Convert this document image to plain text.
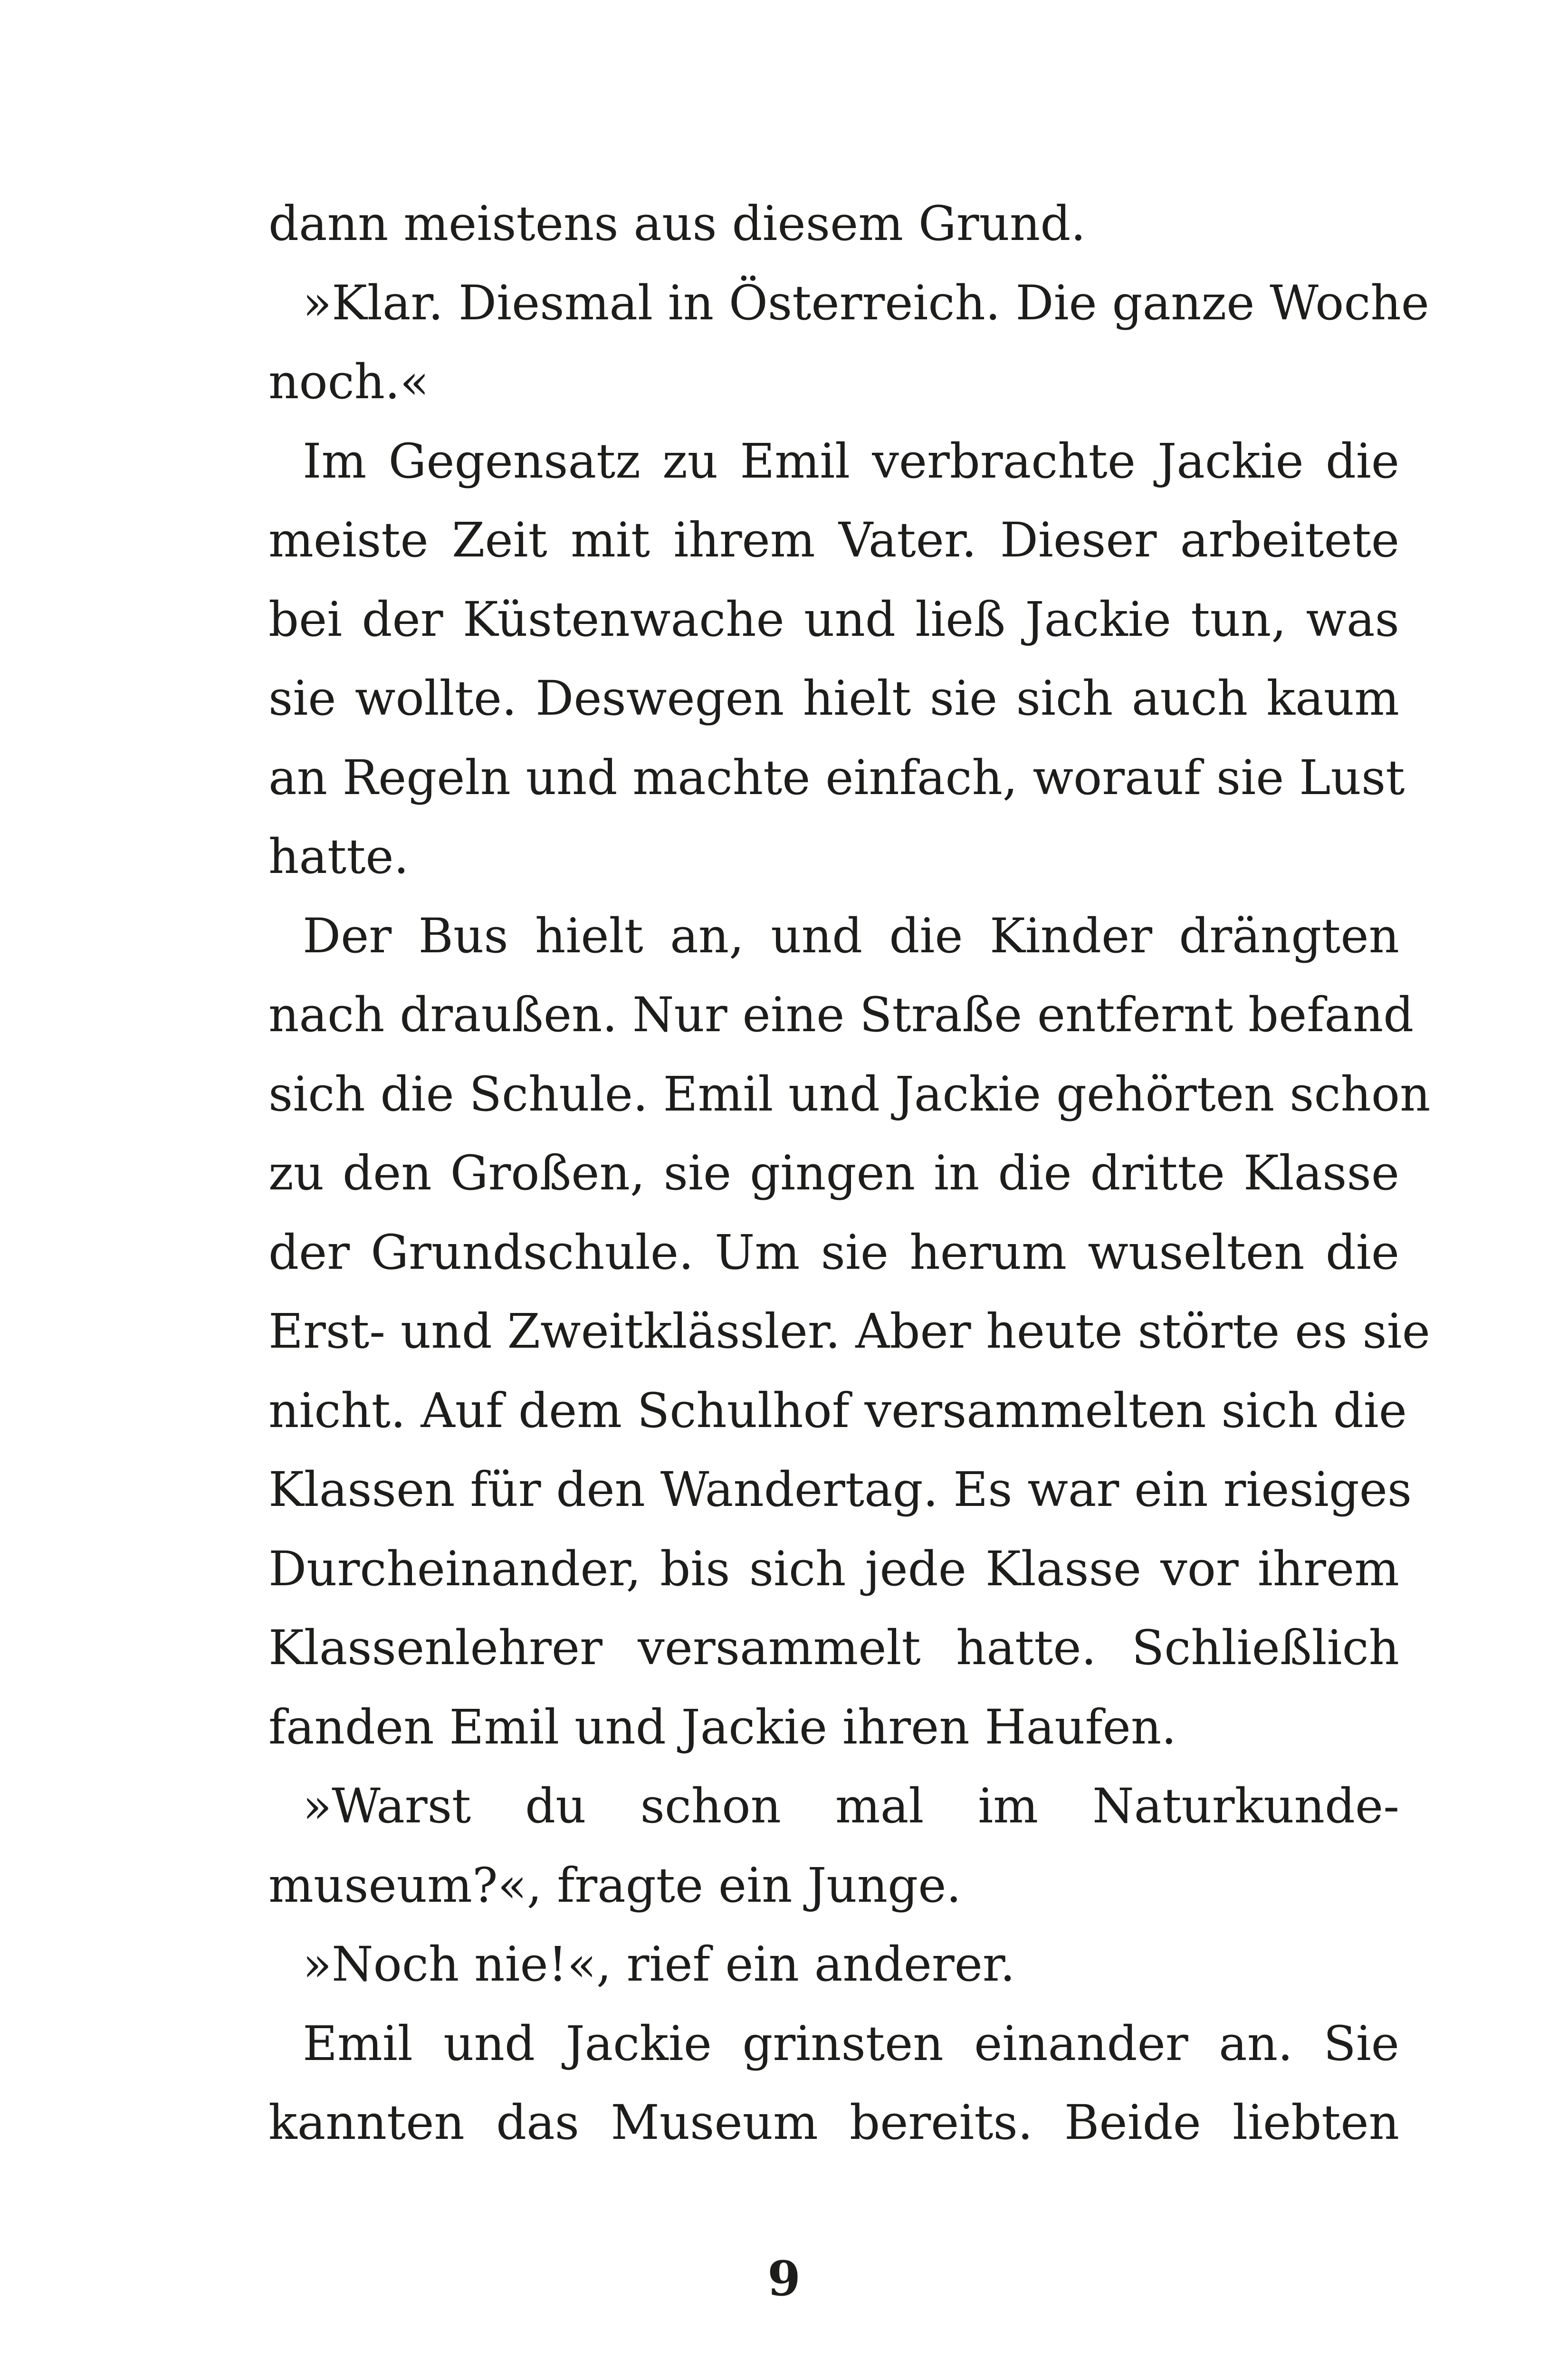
dann meistens aus diesem Grund.
»Klar. Diesmal in Österreich. Die ganze Woche
noch.«
Im Gegensatz zu Emil verbrachte Jackie die
meiste Zeit mit ihrem Vater. Dieser arbeitete
bei der Küstenwache und ließ Jackie tun, was
sie wollte. Deswegen hielt sie sich auch kaum
an Regeln und machte einfach, worauf sie Lust
hatte.
Der Bus hielt an, und die Kinder drängten
nach draußen. Nur eine Straße entfernt befand
sich die Schule. Emil und Jackie gehörten schon
zu den Großen, sie gingen in die dritte Klasse
der Grundschule. Um sie herum wuselten die
Erst- und Zweitklässler. Aber heute störte es sie
nicht. Auf dem Schulhof versammelten sich die
Klassen für den Wandertag. Es war ein riesiges
Durcheinander, bis sich jede Klasse vor ihrem
Klassenlehrer versammelt hatte. Schließlich
fanden Emil und Jackie ihren Haufen.
»Warst du schon mal im Naturkunde-
museum?«, fragte ein Junge.
»Noch nie!«, rief ein anderer.
Emil und Jackie grinsten einander an. Sie
kannten das Museum bereits. Beide liebten
9
